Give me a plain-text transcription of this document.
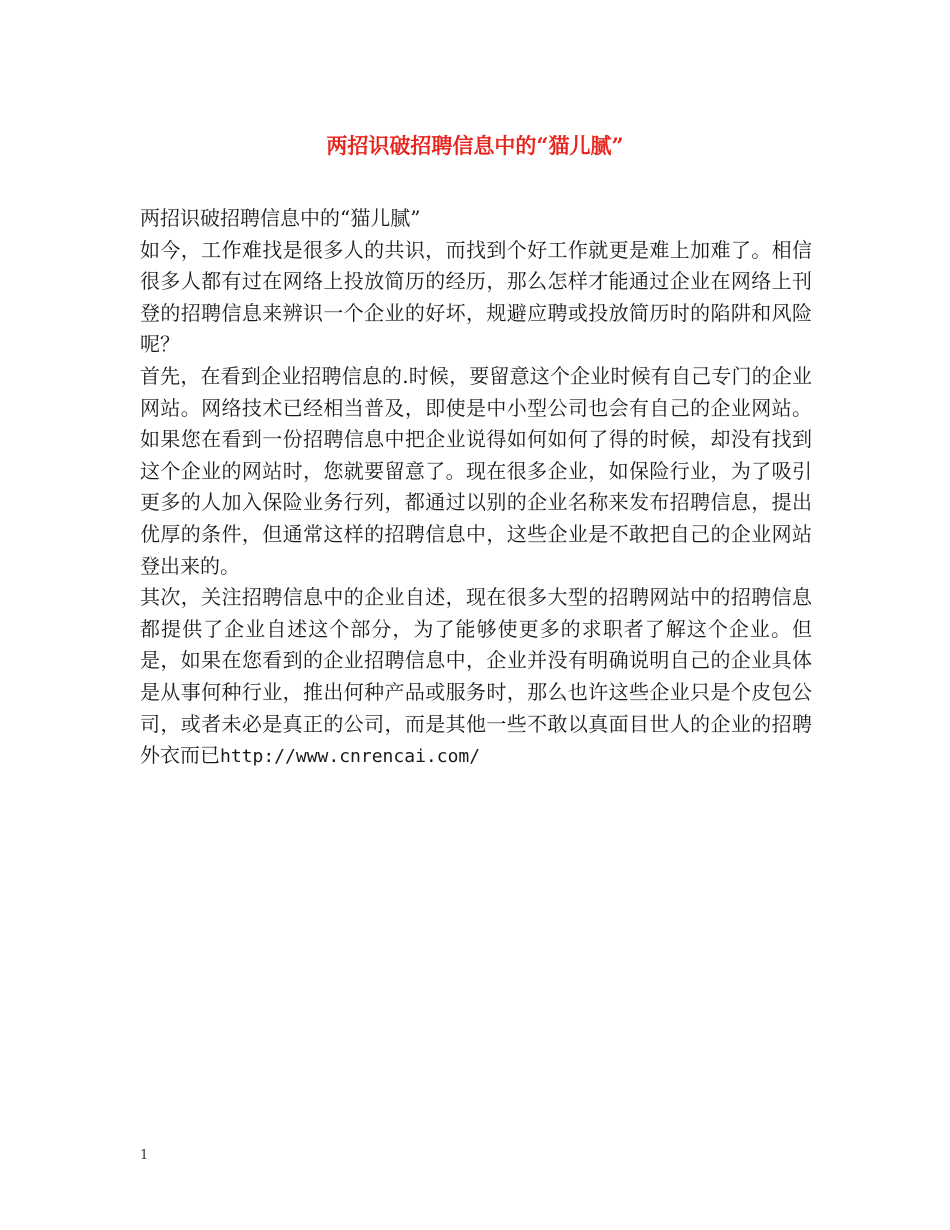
两招识破招聘信息中的“猫儿腻”

两招识破招聘信息中的“猫儿腻”

如今，工作难找是很多人的共识，而找到个好工作就更是难上加难了。相信很多人都有过在网络上投放简历的经历，那么怎样才能通过企业在网络上刊登的招聘信息来辨识一个企业的好坏，规避应聘或投放简历时的陷阱和风险呢？

首先，在看到企业招聘信息的.时候，要留意这个企业时候有自己专门的企业网站。网络技术已经相当普及，即使是中小型公司也会有自己的企业网站。如果您在看到一份招聘信息中把企业说得如何如何了得的时候，却没有找到这个企业的网站时，您就要留意了。现在很多企业，如保险行业，为了吸引更多的人加入保险业务行列，都通过以别的企业名称来发布招聘信息，提出优厚的条件，但通常这样的招聘信息中，这些企业是不敢把自己的企业网站登出来的。

其次，关注招聘信息中的企业自述，现在很多大型的招聘网站中的招聘信息都提供了企业自述这个部分，为了能够使更多的求职者了解这个企业。但是，如果在您看到的企业招聘信息中，企业并没有明确说明自己的企业具体是从事何种行业，推出何种产品或服务时，那么也许这些企业只是个皮包公司，或者未必是真正的公司，而是其他一些不敢以真面目世人的企业的招聘外衣而已http://www.cnrencai.com/

1
